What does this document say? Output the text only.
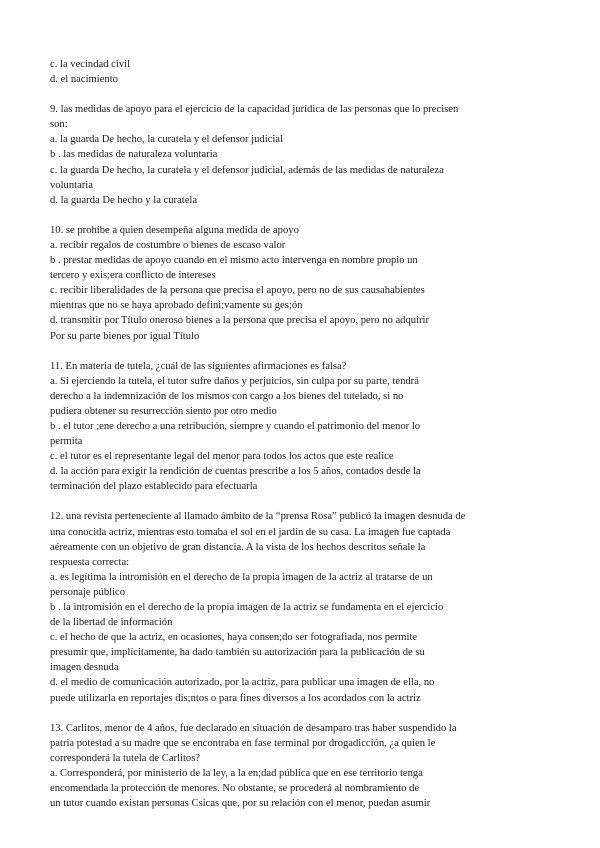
c. la vecindad civil
d. el nacimiento
9. las medidas de apoyo para el ejercicio de la capacidad jurídica de las personas que lo precisen
son:
a. la guarda De hecho, la curatela y el defensor judicial
b . las medidas de naturaleza voluntaria
c. la guarda De hecho, la curatela y el defensor judicial, además de las medidas de naturaleza
voluntaria
d. la guarda De hecho y la curatela
10. se prohíbe a quien desempeña alguna medida de apoyo
a. recibir regalos de costumbre o bienes de escaso valor
b . prestar medidas de apoyo cuando en el mismo acto intervenga en nombre propio un
tercero y exis;era conflicto de intereses
c. recibir liberalidades de la persona que precisa el apoyo, pero no de sus causahabientes
mientras que no se haya aprobado defini;vamente su ges;ón
d. transmitir por Título oneroso bienes a la persona que precisa el apoyo, pero no adquirir
Por su parte bienes por igual Título
11. En materia de tutela, ¿cuál de las siguientes afirmaciones es falsa?
a. Si ejerciendo la tutela, el tutor sufre daños y perjuicios, sin culpa por su parte, tendrá
derecho a la indemnización de los mismos con cargo a los bienes del tutelado, si no
pudiera obtener su resurrección siento por otro medio
b . el tutor ;ene derecho a una retribución, siempre y cuando el patrimonio del menor lo
permita
c. el tutor es el representante legal del menor para todos los actos que este realice
d. la acción para exigir la rendición de cuentas prescribe a los 5 años, contados desde la
terminación del plazo establecido para efectuarla
12. una revista perteneciente al llamado ámbito de la “prensa Rosa” publicó la imagen desnuda de
una conocida actriz, mientras esto tomaba el sol en el jardín de su casa. La imagen fue captada
aéreamente con un objetivo de gran distancia. A la vista de los hechos descritos señale la
respuesta correcta:
a. es legítima la intromisión en el derecho de la propia imagen de la actriz al tratarse de un
personaje público
b . la intromisión en el derecho de la propia imagen de la actriz se fundamenta en el ejercicio
de la libertad de información
c. el hecho de que la actriz, en ocasiones, haya consen;do ser fotografiada, nos permite
presumir que, implícitamente, ha dado también su autorización para la publicación de su
imagen desnuda
d. el medio de comunicación autorizado, por la actriz, para publicar una imagen de ella, no
puede utilizarla en reportajes dis;ntos o para fines diversos a los acordados con la actriz
13. Carlitos, menor de 4 años, fue declarado en situación de desamparo tras haber suspendido la
patria potestad a su madre que se encontraba en fase terminal por drogadicción, ¿a quien le
corresponderá la tutela de Carlitos?
a. Corresponderá, por ministerio de la ley, a la en;dad pública que en ese territorio tenga
encomendada la protección de menores. No obstante, se procederá al nombramiento de
un tutor cuando existan personas Csicas que, por su relación con el menor, puedan asumir
